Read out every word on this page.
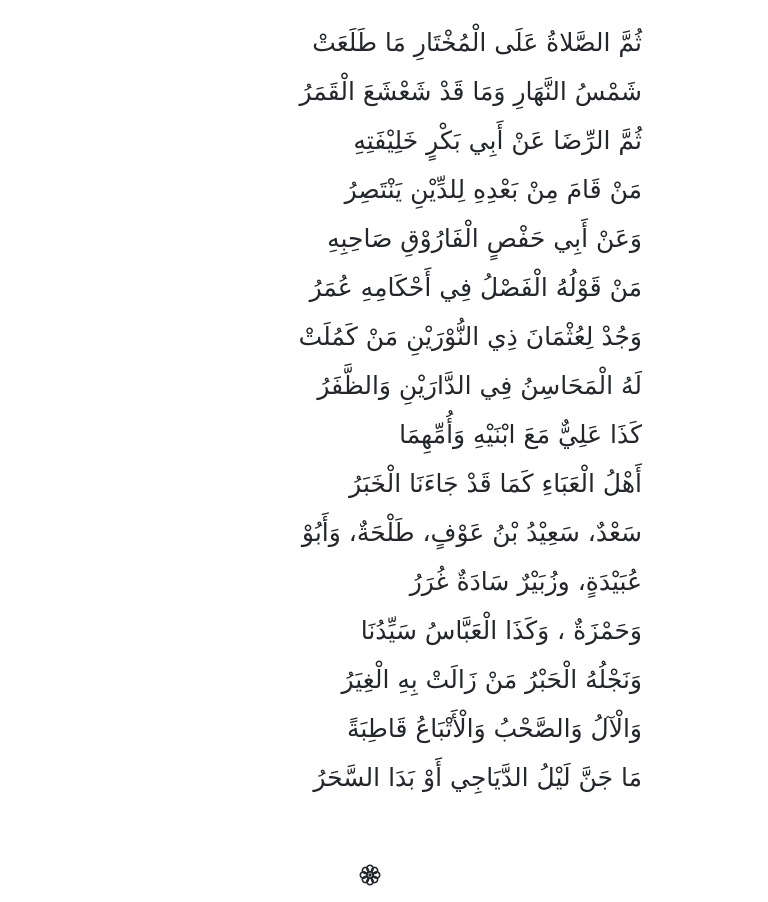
ثُمَّ الصَّلاةُ عَلَى الْمُخْتَارِ مَا طَلَعَتْ
شَمْسُ النَّهَارِ وَمَا قَدْ شَعْشَعَ الْقَمَرُ
ثُمَّ الرِّضَا عَنْ أَبِي بَكْرٍ خَلِيْفَتِهِ
مَنْ قَامَ مِنْ بَعْدِهِ لِلدِّيْنِ يَنْتَصِرُ
وَعَنْ أَبِي حَفْصٍ الْفَارُوْقِ صَاحِبِهِ
مَنْ قَوْلُهُ الْفَصْلُ فِي أَحْكَامِهِ عُمَرُ
وَجُدْ لِعُثْمَانَ ذِي النُّوْرَيْنِ مَنْ كَمُلَتْ
لَهُ الْمَحَاسِنُ فِي الدَّارَيْنِ وَالظَّفَرُ
كَذَا عَلِيٌّ مَعَ ابْنَيْهِ وَأُمِّهِمَا
أَهْلُ الْعَبَاءِ كَمَا قَدْ جَاءَنَا الْخَبَرُ
سَعْدٌ، سَعِيْدُ بْنُ عَوْفٍ، طَلْحَةٌ، وَأَبُوْ
عُبَيْدَةٍ، وزُبَيْرٌ سَادَةٌ غُرَرُ
وَحَمْزَةٌ ، وَكَذَا الْعَبَّاسُ سَيِّدُنَا
وَنَجْلُهُ الْحَبْرُ مَنْ زَالَتْ بِهِ الْغِيَرُ
وَالْآلُ وَالصَّحْبُ وَالْأَتْبَاعُ قَاطِبَةً
مَا جَنَّ لَيْلُ الدَّيَاجِي أَوْ بَدَا السَّحَرُ
